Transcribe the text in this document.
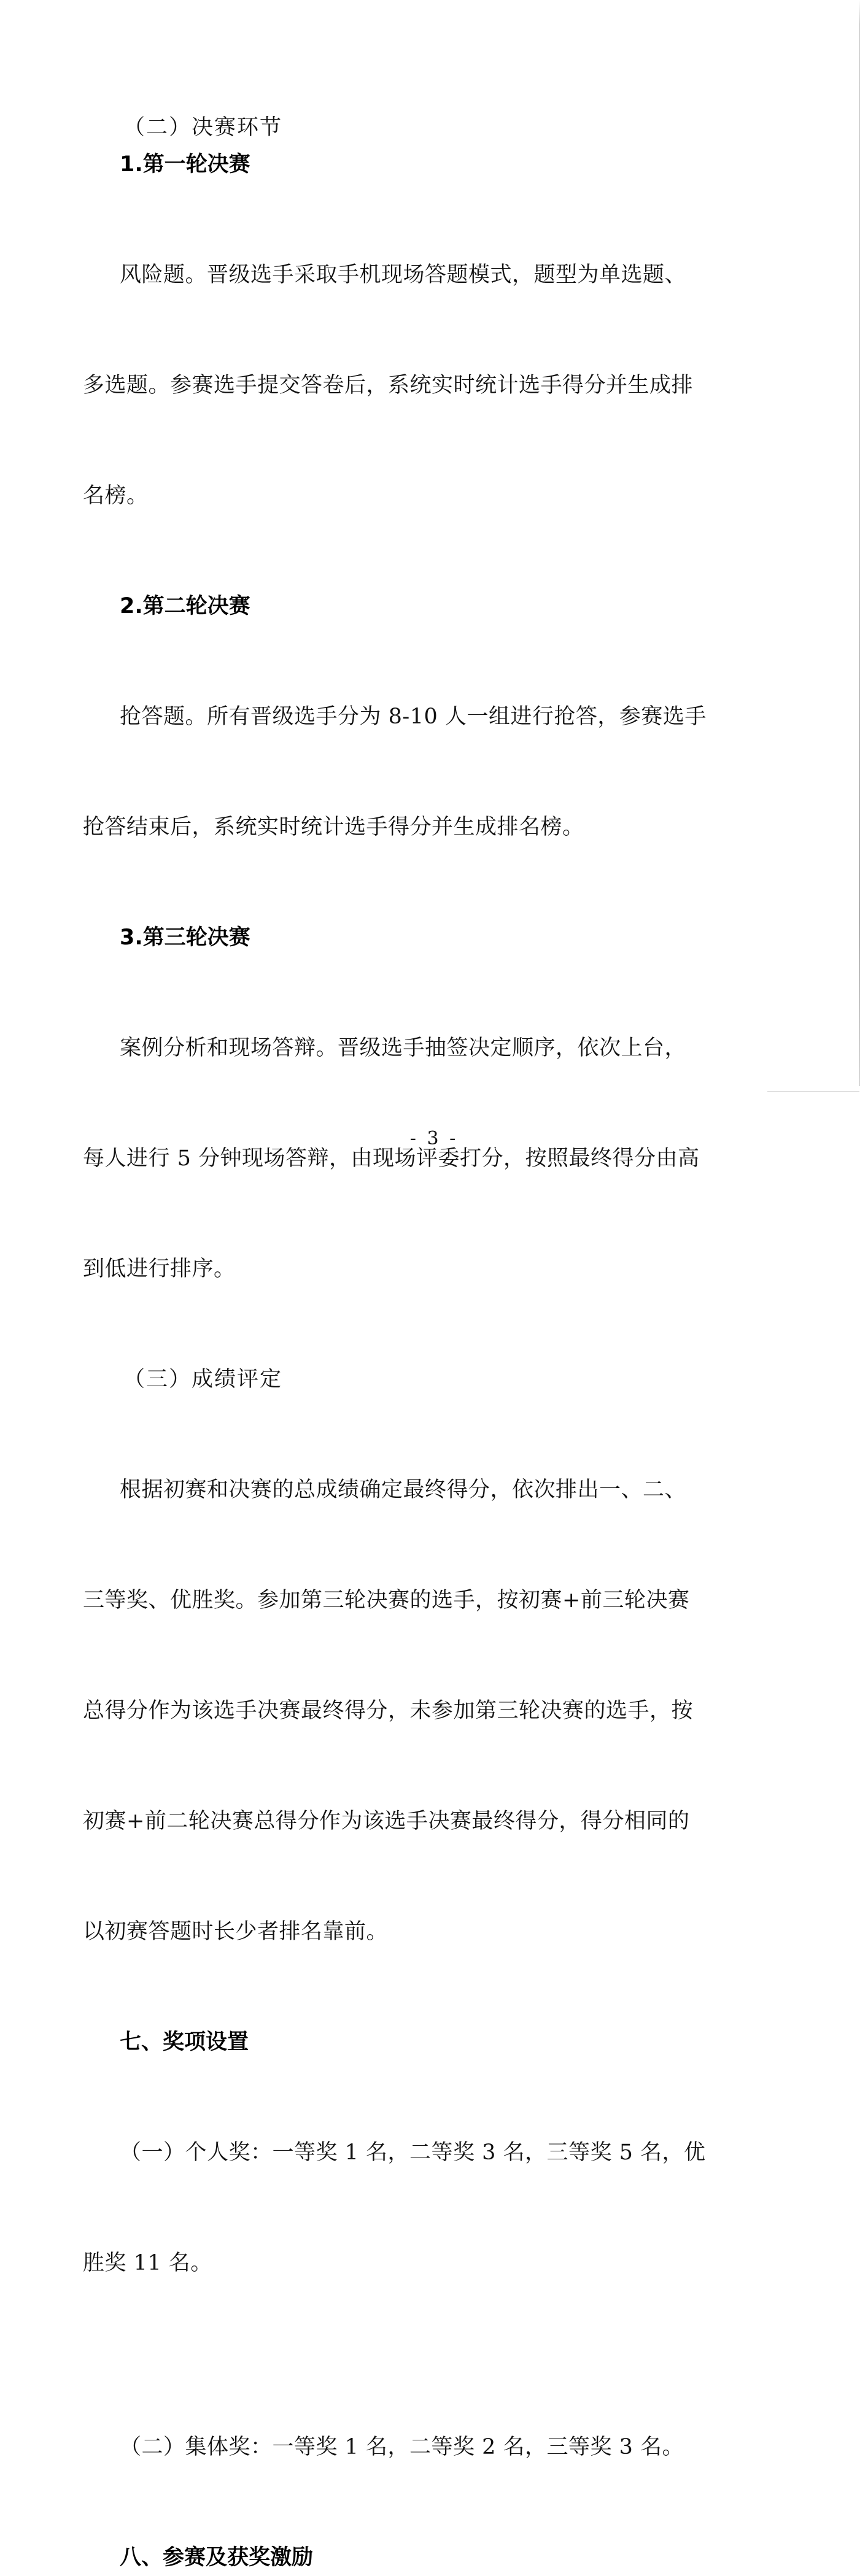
（二）决赛环节

1.第一轮决赛

风险题。晋级选手采取手机现场答题模式，题型为单选题、

多选题。参赛选手提交答卷后，系统实时统计选手得分并生成排

名榜。

2.第二轮决赛

抢答题。所有晋级选手分为 8-10 人一组进行抢答，参赛选手

抢答结束后，系统实时统计选手得分并生成排名榜。

3.第三轮决赛

案例分析和现场答辩。晋级选手抽签决定顺序，依次上台，

每人进行 5 分钟现场答辩，由现场评委打分，按照最终得分由高

到低进行排序。

（三）成绩评定

根据初赛和决赛的总成绩确定最终得分，依次排出一、二、

三等奖、优胜奖。参加第三轮决赛的选手，按初赛+前三轮决赛

总得分作为该选手决赛最终得分，未参加第三轮决赛的选手，按

初赛+前二轮决赛总得分作为该选手决赛最终得分，得分相同的

以初赛答题时长少者排名靠前。

七、奖项设置

（一）个人奖：一等奖 1 名，二等奖 3 名，三等奖 5 名，优

胜奖 11 名。

（二）集体奖：一等奖 1 名，二等奖 2 名，三等奖 3 名。

八、参赛及获奖激励

- 3 -
